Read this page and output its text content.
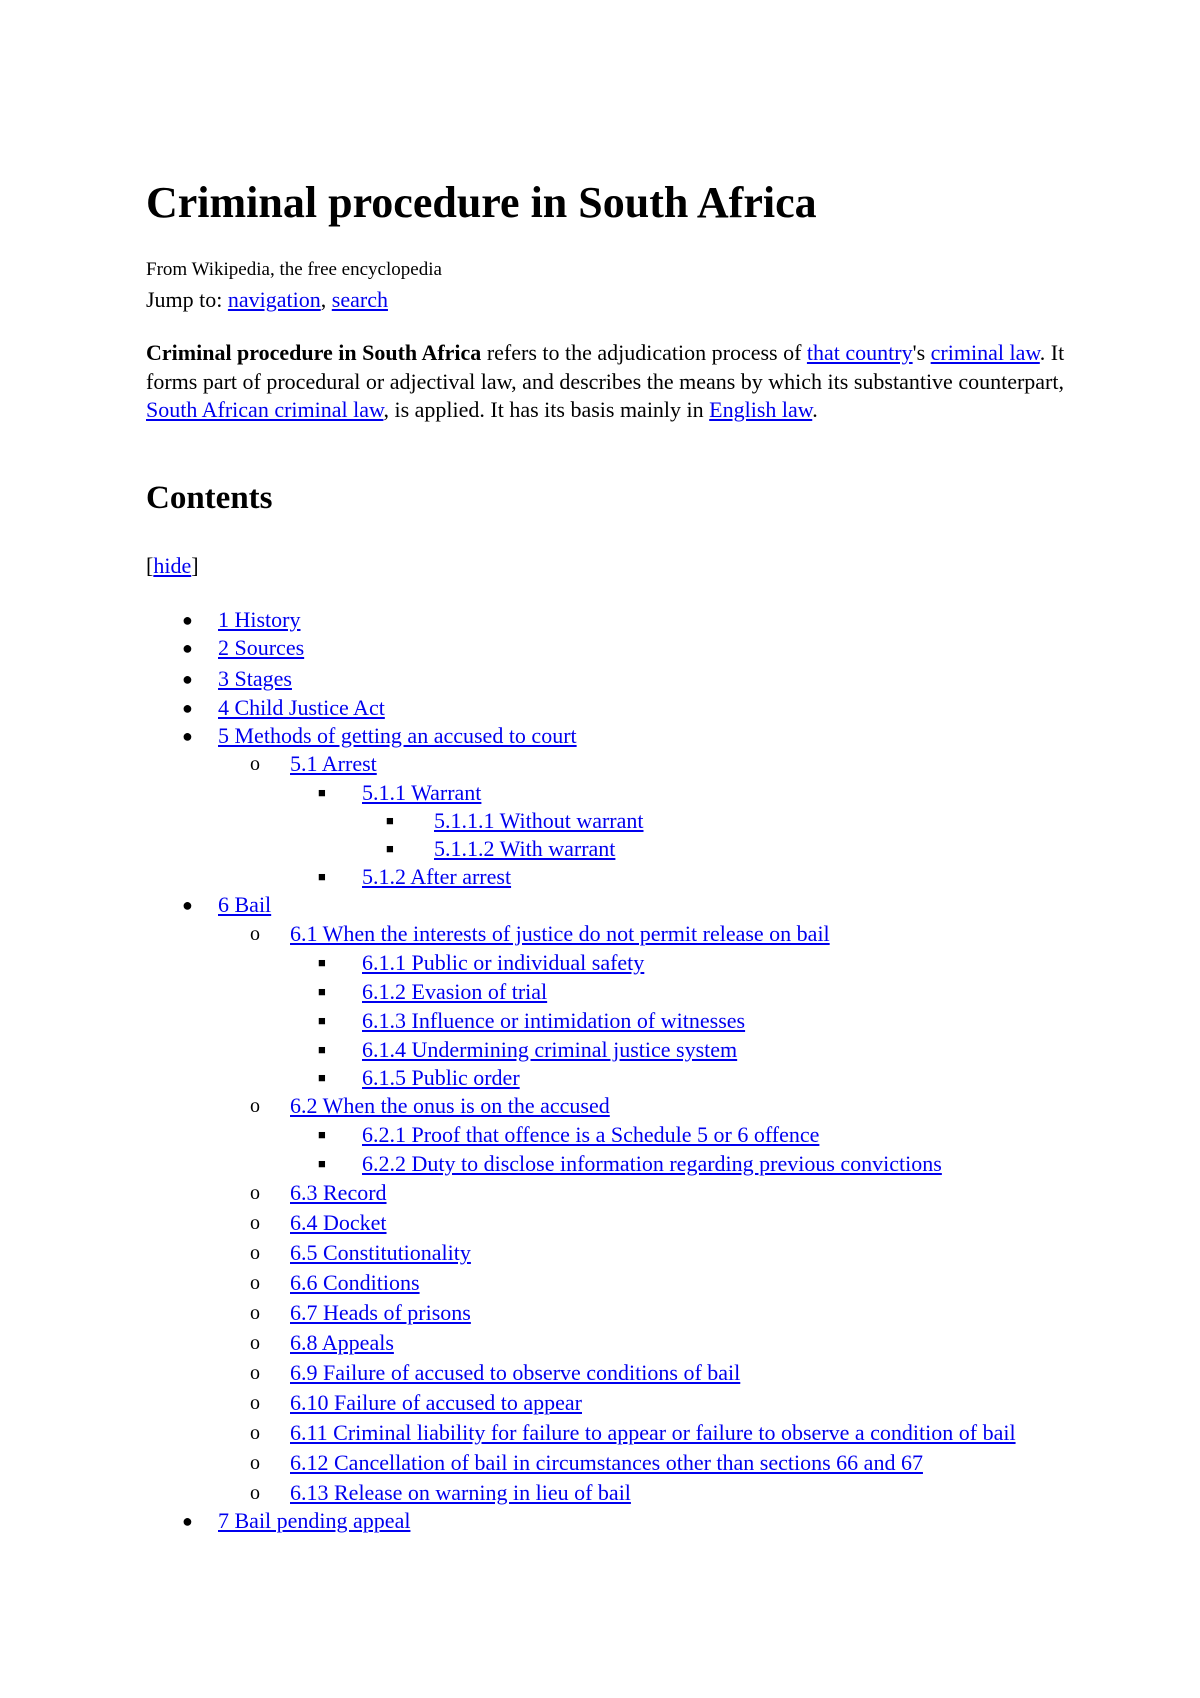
Criminal procedure in South Africa
From Wikipedia, the free encyclopedia
Jump to: navigation, search

Criminal procedure in South Africa refers to the adjudication process of that country's criminal law. It forms part of procedural or adjectival law, and describes the means by which its substantive counterpart, South African criminal law, is applied. It has its basis mainly in English law.

Contents
[hide]
● 1 History
● 2 Sources
● 3 Stages
● 4 Child Justice Act
● 5 Methods of getting an accused to court
o 5.1 Arrest
■ 5.1.1 Warrant
■ 5.1.1.1 Without warrant
■ 5.1.1.2 With warrant
■ 5.1.2 After arrest
● 6 Bail
o 6.1 When the interests of justice do not permit release on bail
■ 6.1.1 Public or individual safety
■ 6.1.2 Evasion of trial
■ 6.1.3 Influence or intimidation of witnesses
■ 6.1.4 Undermining criminal justice system
■ 6.1.5 Public order
o 6.2 When the onus is on the accused
■ 6.2.1 Proof that offence is a Schedule 5 or 6 offence
■ 6.2.2 Duty to disclose information regarding previous convictions
o 6.3 Record
o 6.4 Docket
o 6.5 Constitutionality
o 6.6 Conditions
o 6.7 Heads of prisons
o 6.8 Appeals
o 6.9 Failure of accused to observe conditions of bail
o 6.10 Failure of accused to appear
o 6.11 Criminal liability for failure to appear or failure to observe a condition of bail
o 6.12 Cancellation of bail in circumstances other than sections 66 and 67
o 6.13 Release on warning in lieu of bail
● 7 Bail pending appeal
